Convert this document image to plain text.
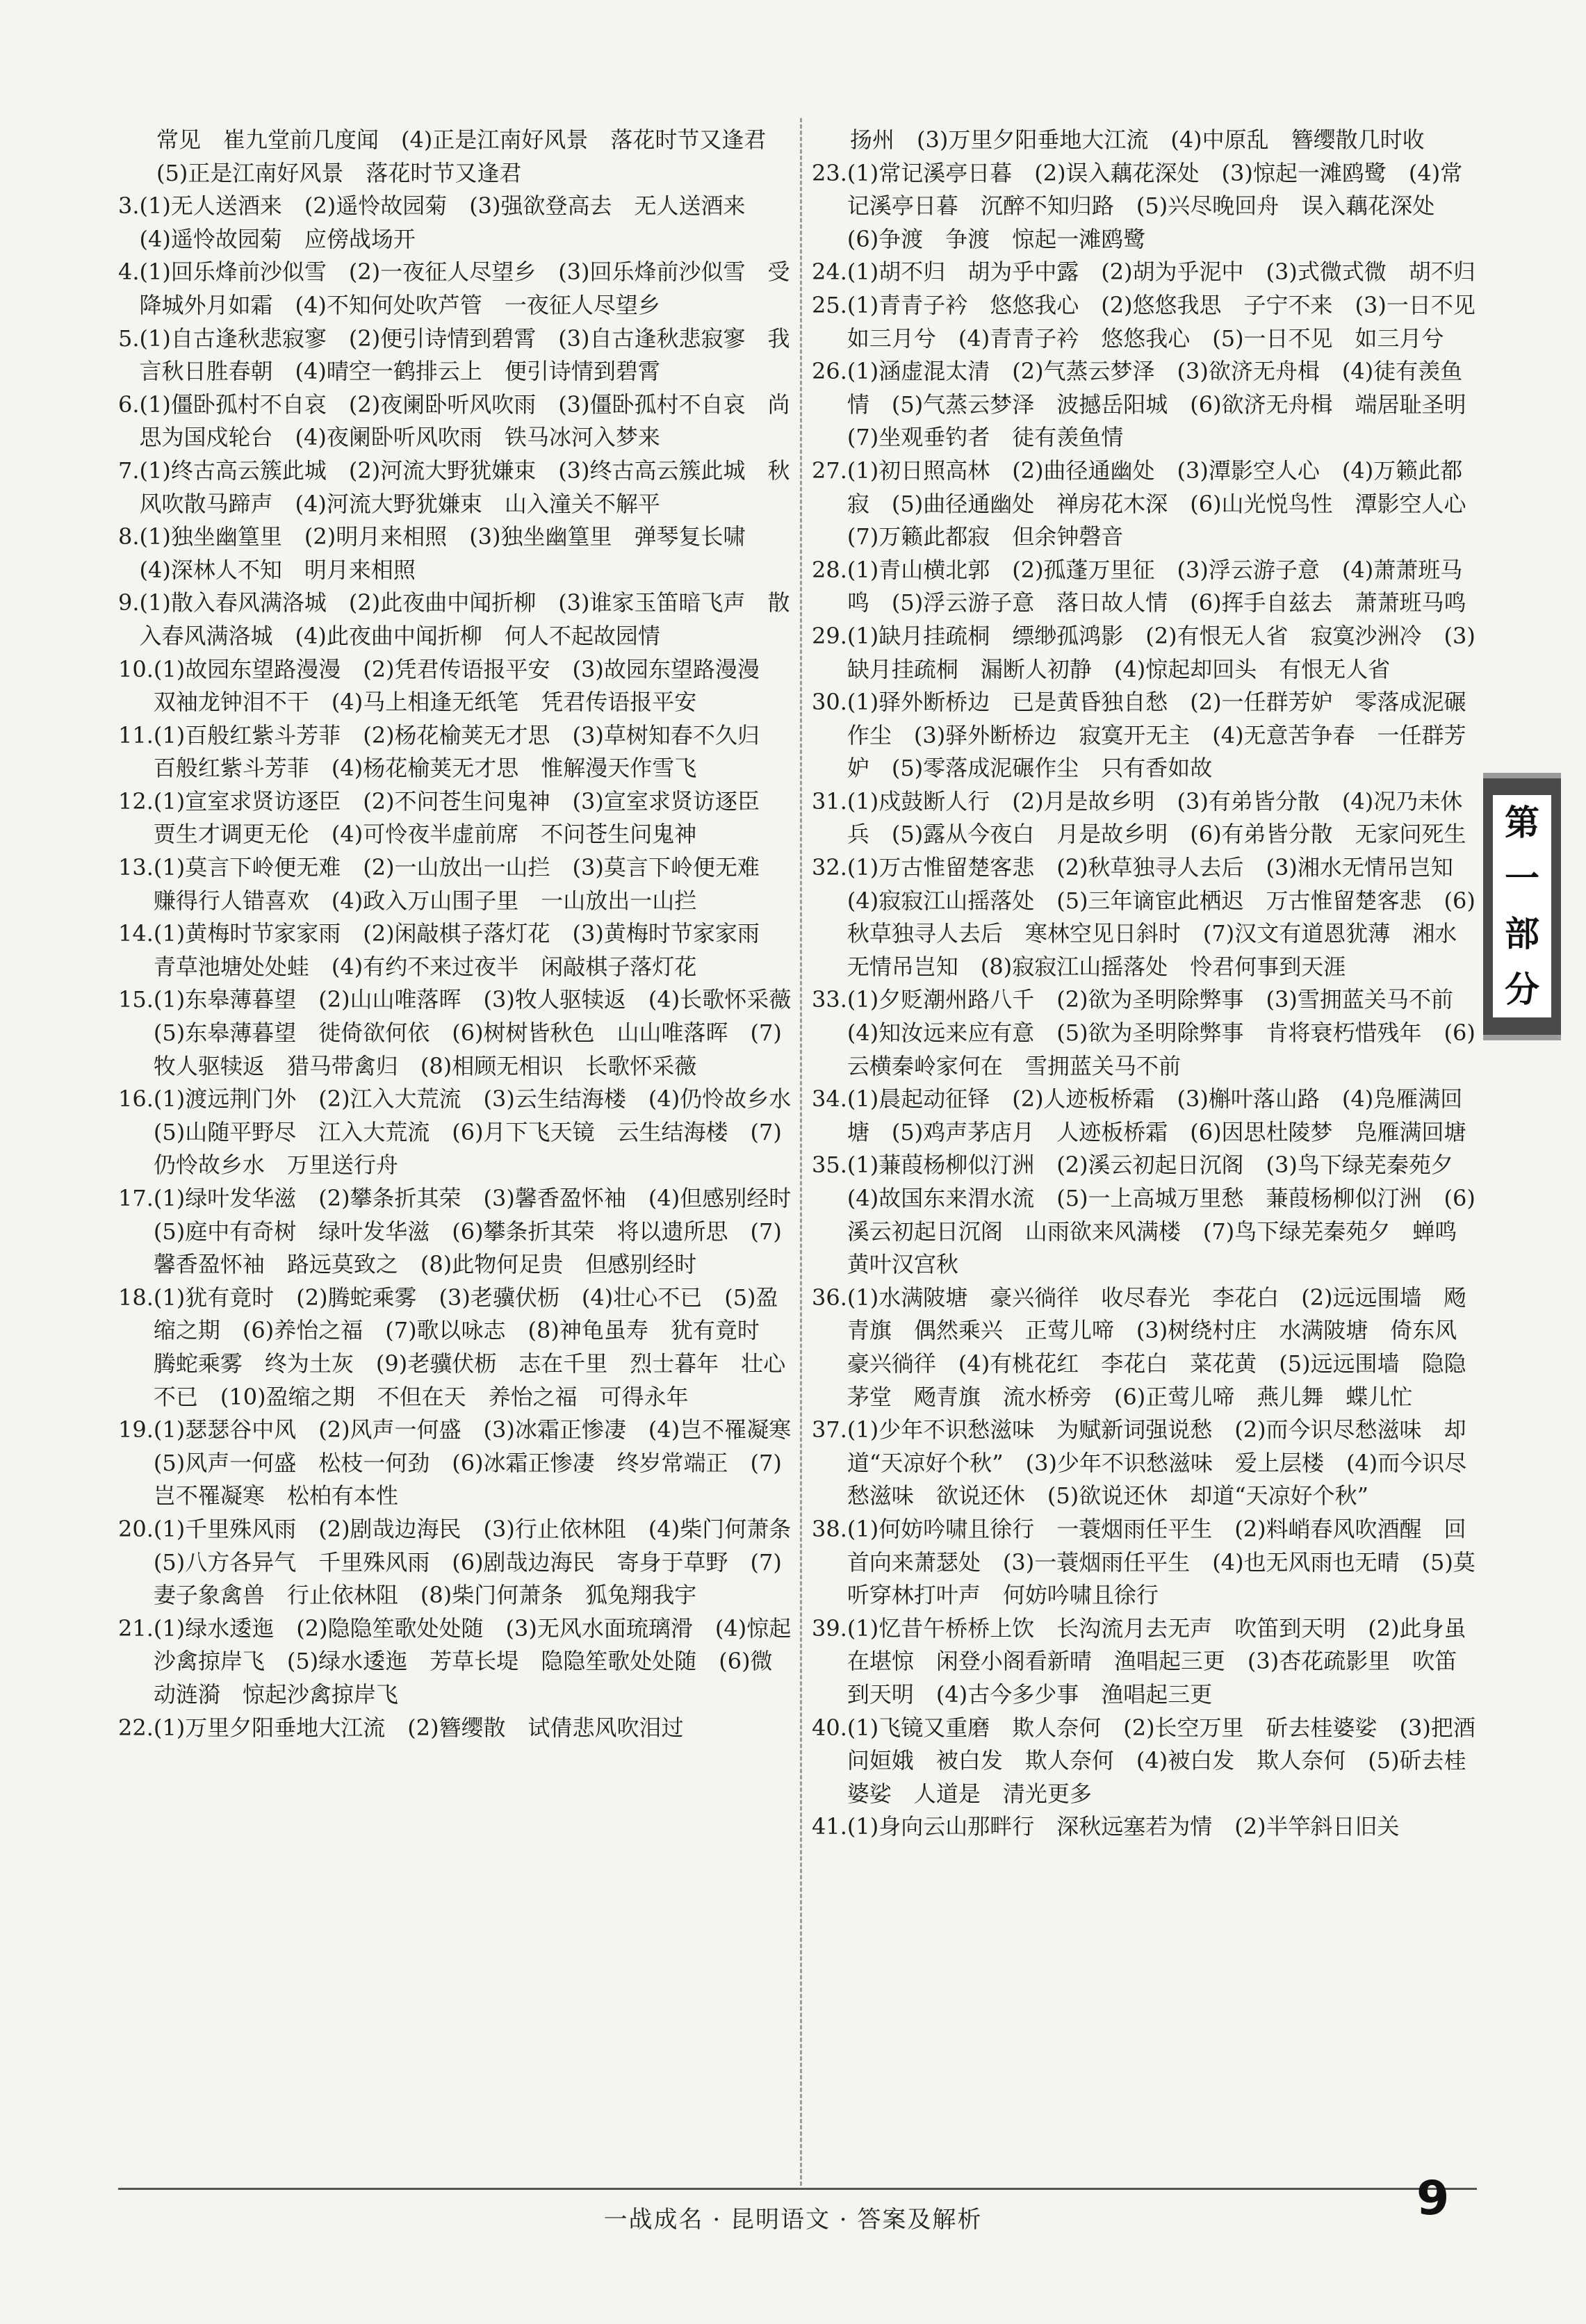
常见　崔九堂前几度闻　(4)正是江南好风景　落花时节又逢君　(5)正是江南好风景　落花时节又逢君
3. (1)无人送酒来　(2)遥怜故园菊　(3)强欲登高去　无人送酒来　(4)遥怜故园菊　应傍战场开
4. (1)回乐烽前沙似雪　(2)一夜征人尽望乡　(3)回乐烽前沙似雪　受降城外月如霜　(4)不知何处吹芦管　一夜征人尽望乡
5. (1)自古逢秋悲寂寥　(2)便引诗情到碧霄　(3)自古逢秋悲寂寥　我言秋日胜春朝　(4)晴空一鹤排云上　便引诗情到碧霄
6. (1)僵卧孤村不自哀　(2)夜阑卧听风吹雨　(3)僵卧孤村不自哀　尚思为国戍轮台　(4)夜阑卧听风吹雨　铁马冰河入梦来
7. (1)终古高云簇此城　(2)河流大野犹嫌束　(3)终古高云簇此城　秋风吹散马蹄声　(4)河流大野犹嫌束　山入潼关不解平
8. (1)独坐幽篁里　(2)明月来相照　(3)独坐幽篁里　弹琴复长啸　(4)深林人不知　明月来相照
9. (1)散入春风满洛城　(2)此夜曲中闻折柳　(3)谁家玉笛暗飞声　散入春风满洛城　(4)此夜曲中闻折柳　何人不起故园情
10. (1)故园东望路漫漫　(2)凭君传语报平安　(3)故园东望路漫漫　双袖龙钟泪不干　(4)马上相逢无纸笔　凭君传语报平安
11. (1)百般红紫斗芳菲　(2)杨花榆荚无才思　(3)草树知春不久归　百般红紫斗芳菲　(4)杨花榆荚无才思　惟解漫天作雪飞
12. (1)宣室求贤访逐臣　(2)不问苍生问鬼神　(3)宣室求贤访逐臣　贾生才调更无伦　(4)可怜夜半虚前席　不问苍生问鬼神
13. (1)莫言下岭便无难　(2)一山放出一山拦　(3)莫言下岭便无难　赚得行人错喜欢　(4)政入万山围子里　一山放出一山拦
14. (1)黄梅时节家家雨　(2)闲敲棋子落灯花　(3)黄梅时节家家雨　青草池塘处处蛙　(4)有约不来过夜半　闲敲棋子落灯花
15. (1)东皋薄暮望　(2)山山唯落晖　(3)牧人驱犊返　(4)长歌怀采薇　(5)东皋薄暮望　徙倚欲何依　(6)树树皆秋色　山山唯落晖　(7)牧人驱犊返　猎马带禽归　(8)相顾无相识　长歌怀采薇
16. (1)渡远荆门外　(2)江入大荒流　(3)云生结海楼　(4)仍怜故乡水　(5)山随平野尽　江入大荒流　(6)月下飞天镜　云生结海楼　(7)仍怜故乡水　万里送行舟
17. (1)绿叶发华滋　(2)攀条折其荣　(3)馨香盈怀袖　(4)但感别经时　(5)庭中有奇树　绿叶发华滋　(6)攀条折其荣　将以遗所思　(7)馨香盈怀袖　路远莫致之　(8)此物何足贵　但感别经时
18. (1)犹有竟时　(2)腾蛇乘雾　(3)老骥伏枥　(4)壮心不已　(5)盈缩之期　(6)养怡之福　(7)歌以咏志　(8)神龟虽寿　犹有竟时　腾蛇乘雾　终为土灰　(9)老骥伏枥　志在千里　烈士暮年　壮心不已　(10)盈缩之期　不但在天　养怡之福　可得永年
19. (1)瑟瑟谷中风　(2)风声一何盛　(3)冰霜正惨凄　(4)岂不罹凝寒　(5)风声一何盛　松枝一何劲　(6)冰霜正惨凄　终岁常端正　(7)岂不罹凝寒　松柏有本性
20. (1)千里殊风雨　(2)剧哉边海民　(3)行止依林阻　(4)柴门何萧条　(5)八方各异气　千里殊风雨　(6)剧哉边海民　寄身于草野　(7)妻子象禽兽　行止依林阻　(8)柴门何萧条　狐兔翔我宇
21. (1)绿水逶迤　(2)隐隐笙歌处处随　(3)无风水面琉璃滑　(4)惊起沙禽掠岸飞　(5)绿水逶迤　芳草长堤　隐隐笙歌处处随　(6)微动涟漪　惊起沙禽掠岸飞
22. (1)万里夕阳垂地大江流　(2)簪缨散　试倩悲风吹泪过
扬州　(3)万里夕阳垂地大江流　(4)中原乱　簪缨散几时收
23. (1)常记溪亭日暮　(2)误入藕花深处　(3)惊起一滩鸥鹭　(4)常记溪亭日暮　沉醉不知归路　(5)兴尽晚回舟　误入藕花深处　(6)争渡　争渡　惊起一滩鸥鹭
24. (1)胡不归　胡为乎中露　(2)胡为乎泥中　(3)式微式微　胡不归
25. (1)青青子衿　悠悠我心　(2)悠悠我思　子宁不来　(3)一日不见　如三月兮　(4)青青子衿　悠悠我心　(5)一日不见　如三月兮
26. (1)涵虚混太清　(2)气蒸云梦泽　(3)欲济无舟楫　(4)徒有羡鱼情　(5)气蒸云梦泽　波撼岳阳城　(6)欲济无舟楫　端居耻圣明　(7)坐观垂钓者　徒有羡鱼情
27. (1)初日照高林　(2)曲径通幽处　(3)潭影空人心　(4)万籁此都寂　(5)曲径通幽处　禅房花木深　(6)山光悦鸟性　潭影空人心　(7)万籁此都寂　但余钟磬音
28. (1)青山横北郭　(2)孤蓬万里征　(3)浮云游子意　(4)萧萧班马鸣　(5)浮云游子意　落日故人情　(6)挥手自兹去　萧萧班马鸣
29. (1)缺月挂疏桐　缥缈孤鸿影　(2)有恨无人省　寂寞沙洲冷　(3)缺月挂疏桐　漏断人初静　(4)惊起却回头　有恨无人省
30. (1)驿外断桥边　已是黄昏独自愁　(2)一任群芳妒　零落成泥碾作尘　(3)驿外断桥边　寂寞开无主　(4)无意苦争春　一任群芳妒　(5)零落成泥碾作尘　只有香如故
31. (1)戍鼓断人行　(2)月是故乡明　(3)有弟皆分散　(4)况乃未休兵　(5)露从今夜白　月是故乡明　(6)有弟皆分散　无家问死生
32. (1)万古惟留楚客悲　(2)秋草独寻人去后　(3)湘水无情吊岂知　(4)寂寂江山摇落处　(5)三年谪宦此栖迟　万古惟留楚客悲　(6)秋草独寻人去后　寒林空见日斜时　(7)汉文有道恩犹薄　湘水无情吊岂知　(8)寂寂江山摇落处　怜君何事到天涯
33. (1)夕贬潮州路八千　(2)欲为圣明除弊事　(3)雪拥蓝关马不前　(4)知汝远来应有意　(5)欲为圣明除弊事　肯将衰朽惜残年　(6)云横秦岭家何在　雪拥蓝关马不前
34. (1)晨起动征铎　(2)人迹板桥霜　(3)槲叶落山路　(4)凫雁满回塘　(5)鸡声茅店月　人迹板桥霜　(6)因思杜陵梦　凫雁满回塘
35. (1)蒹葭杨柳似汀洲　(2)溪云初起日沉阁　(3)鸟下绿芜秦苑夕　(4)故国东来渭水流　(5)一上高城万里愁　蒹葭杨柳似汀洲　(6)溪云初起日沉阁　山雨欲来风满楼　(7)鸟下绿芜秦苑夕　蝉鸣黄叶汉宫秋
36. (1)水满陂塘　豪兴徜徉　收尽春光　李花白　(2)远远围墙　飏青旗　偶然乘兴　正莺儿啼　(3)树绕村庄　水满陂塘　倚东风　豪兴徜徉　(4)有桃花红　李花白　菜花黄　(5)远远围墙　隐隐茅堂　飏青旗　流水桥旁　(6)正莺儿啼　燕儿舞　蝶儿忙
37. (1)少年不识愁滋味　为赋新词强说愁　(2)而今识尽愁滋味　却道“天凉好个秋”　(3)少年不识愁滋味　爱上层楼　(4)而今识尽愁滋味　欲说还休　(5)欲说还休　却道“天凉好个秋”
38. (1)何妨吟啸且徐行　一蓑烟雨任平生　(2)料峭春风吹酒醒　回首向来萧瑟处　(3)一蓑烟雨任平生　(4)也无风雨也无晴　(5)莫听穿林打叶声　何妨吟啸且徐行
39. (1)忆昔午桥桥上饮　长沟流月去无声　吹笛到天明　(2)此身虽在堪惊　闲登小阁看新晴　渔唱起三更　(3)杏花疏影里　吹笛到天明　(4)古今多少事　渔唱起三更
40. (1)飞镜又重磨　欺人奈何　(2)长空万里　斫去桂婆娑　(3)把酒问姮娥　被白发　欺人奈何　(4)被白发　欺人奈何　(5)斫去桂婆娑　人道是　清光更多
41. (1)身向云山那畔行　深秋远塞若为情　(2)半竿斜日旧关
第
一
部
分
一战成名 · 昆明语文 · 答案及解析	9
